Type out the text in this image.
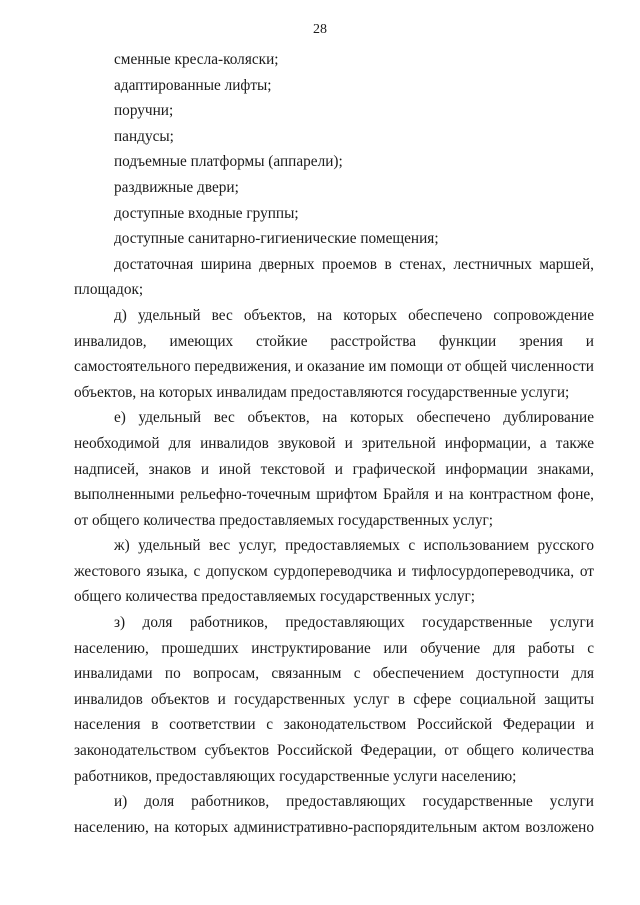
28

сменные кресла-коляски;

адаптированные лифты;

поручни;

пандусы;

подъемные платформы (аппарели);

раздвижные двери;

доступные входные группы;

доступные санитарно-гигиенические помещения;

достаточная ширина дверных проемов в стенах, лестничных маршей,
площадок;
д) удельный вес объектов, на которых обеспечено сопровождение
инвалидов, имеющих стойкие расстройства функции зрения и
самостоятельного передвижения, и оказание им помощи от общей численности
объектов, на которых инвалидам предоставляются государственные услуги;
е) удельный вес объектов, на которых обеспечено дублирование
необходимой для инвалидов звуковой и зрительной информации, а также
надписей, знаков и иной текстовой и графической информации знаками,
выполненными рельефно-точечным шрифтом Брайля и на контрастном фоне,
от общего количества предоставляемых государственных услуг;
ж) удельный вес услуг, предоставляемых с использованием русского
жестового языка, с допуском сурдопереводчика и тифлосурдопереводчика, от
общего количества предоставляемых государственных услуг;
з) доля работников, предоставляющих государственные услуги
населению, прошедших инструктирование или обучение для работы с
инвалидами по вопросам, связанным с обеспечением доступности для
инвалидов объектов и государственных услуг в сфере социальной защиты
населения в соответствии с законодательством Российской Федерации и
законодательством субъектов Российской Федерации, от общего количества
работников, предоставляющих государственные услуги населению;
и) доля работников, предоставляющих государственные услуги
населению, на которых административно-распорядительным актом возложено
